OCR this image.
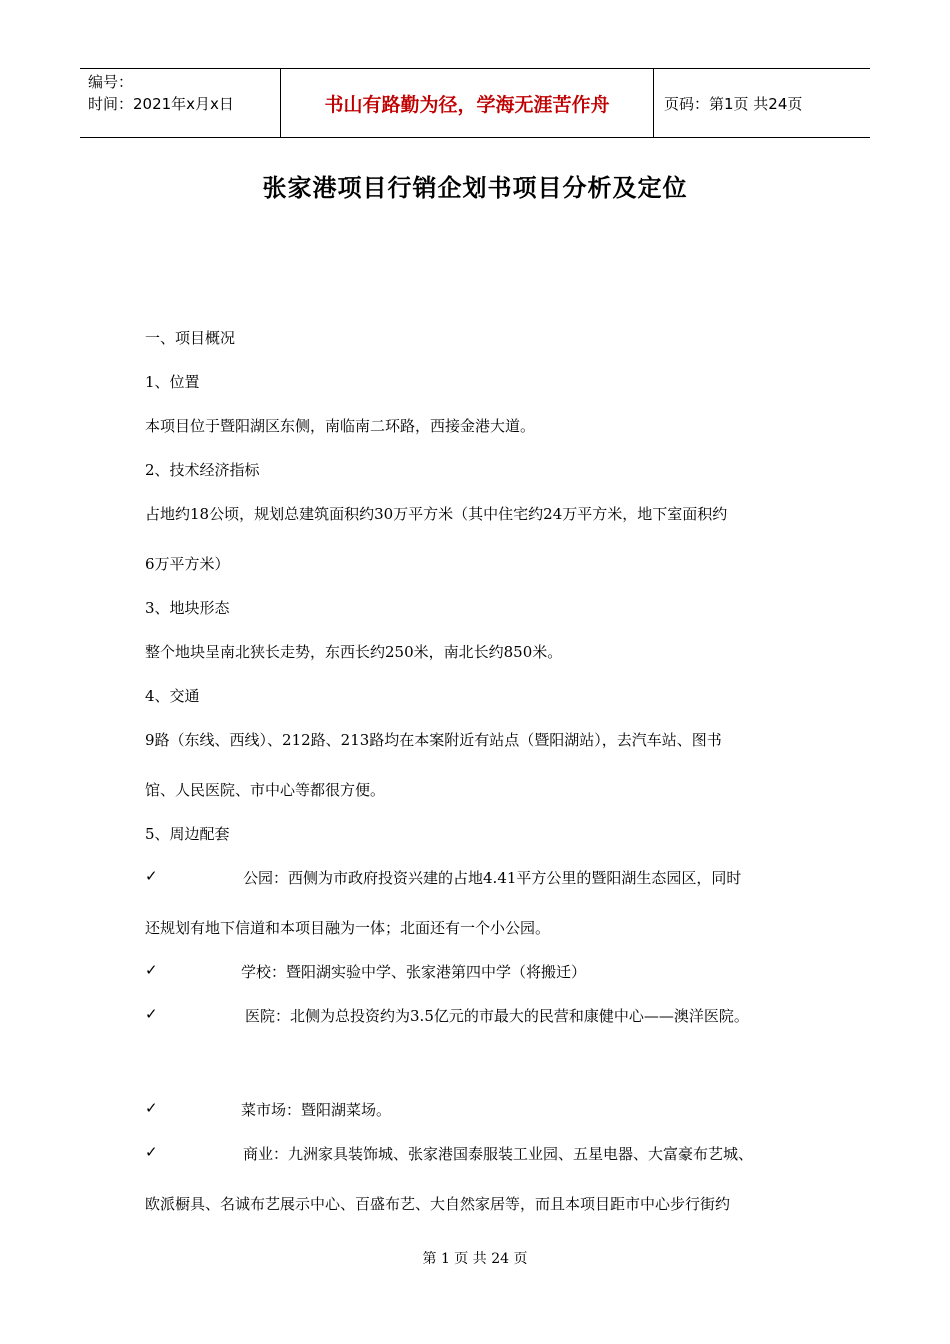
编号：
时间：2021年x月x日	书山有路勤为径，学海无涯苦作舟	页码：第1页 共24页
张家港项目行销企划书项目分析及定位
一、项目概况
1、位置
本项目位于暨阳湖区东侧，南临南二环路，西接金港大道。
2、技术经济指标
占地约18公顷，规划总建筑面积约30万平方米（其中住宅约24万平方米，地下室面积约
6万平方米）
3、地块形态
整个地块呈南北狭长走势，东西长约250米，南北长约850米。
4、交通
9路（东线、西线）、212路、213路均在本案附近有站点（暨阳湖站），去汽车站、图书
馆、人民医院、市中心等都很方便。
5、周边配套
✓	公园：西侧为市政府投资兴建的占地4.41平方公里的暨阳湖生态园区，同时
还规划有地下信道和本项目融为一体；北面还有一个小公园。
✓	学校：暨阳湖实验中学、张家港第四中学（将搬迁）
✓	医院：北侧为总投资约为3.5亿元的市最大的民营和康健中心——澳洋医院。
✓	菜市场：暨阳湖菜场。
✓	商业：九洲家具装饰城、张家港国泰服装工业园、五星电器、大富豪布艺城、
欧派橱具、名诚布艺展示中心、百盛布艺、大自然家居等，而且本项目距市中心步行街约
第 1 页 共 24 页
